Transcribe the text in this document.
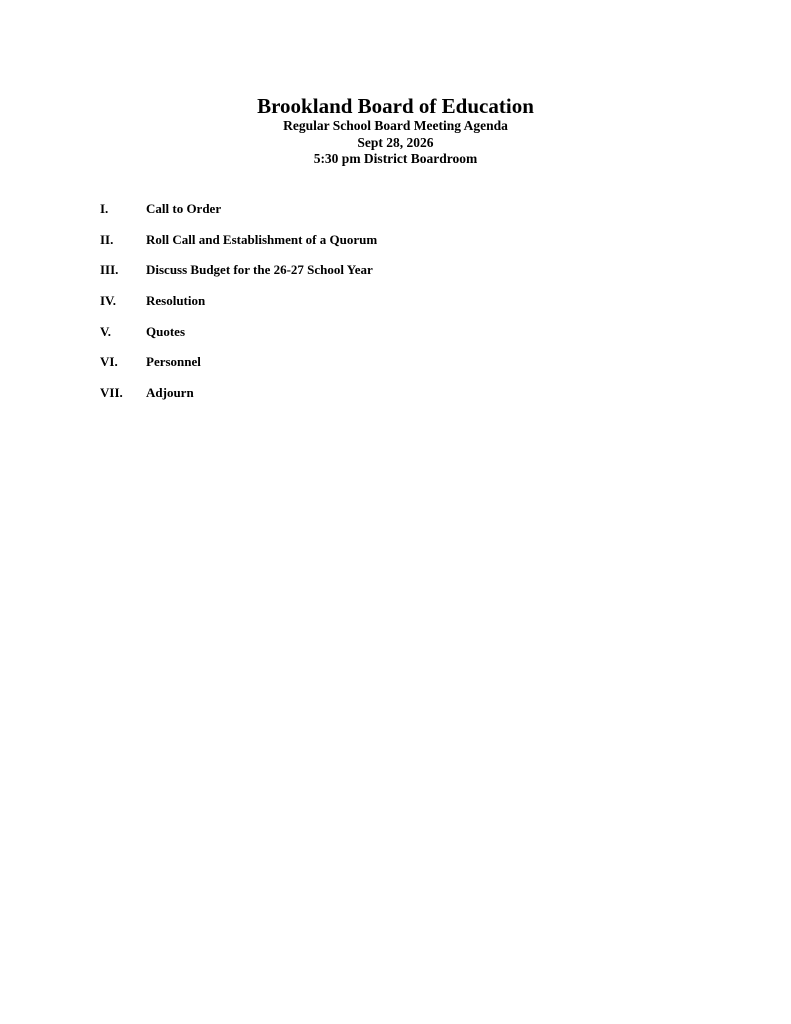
Brookland Board of Education
Regular School Board Meeting Agenda
Sept 28, 2026
5:30 pm District Boardroom
I.	Call to Order
II.	Roll Call and Establishment of a Quorum
III.	Discuss Budget for the 26-27 School Year
IV.	Resolution
V.	Quotes
VI.	Personnel
VII.	Adjourn
